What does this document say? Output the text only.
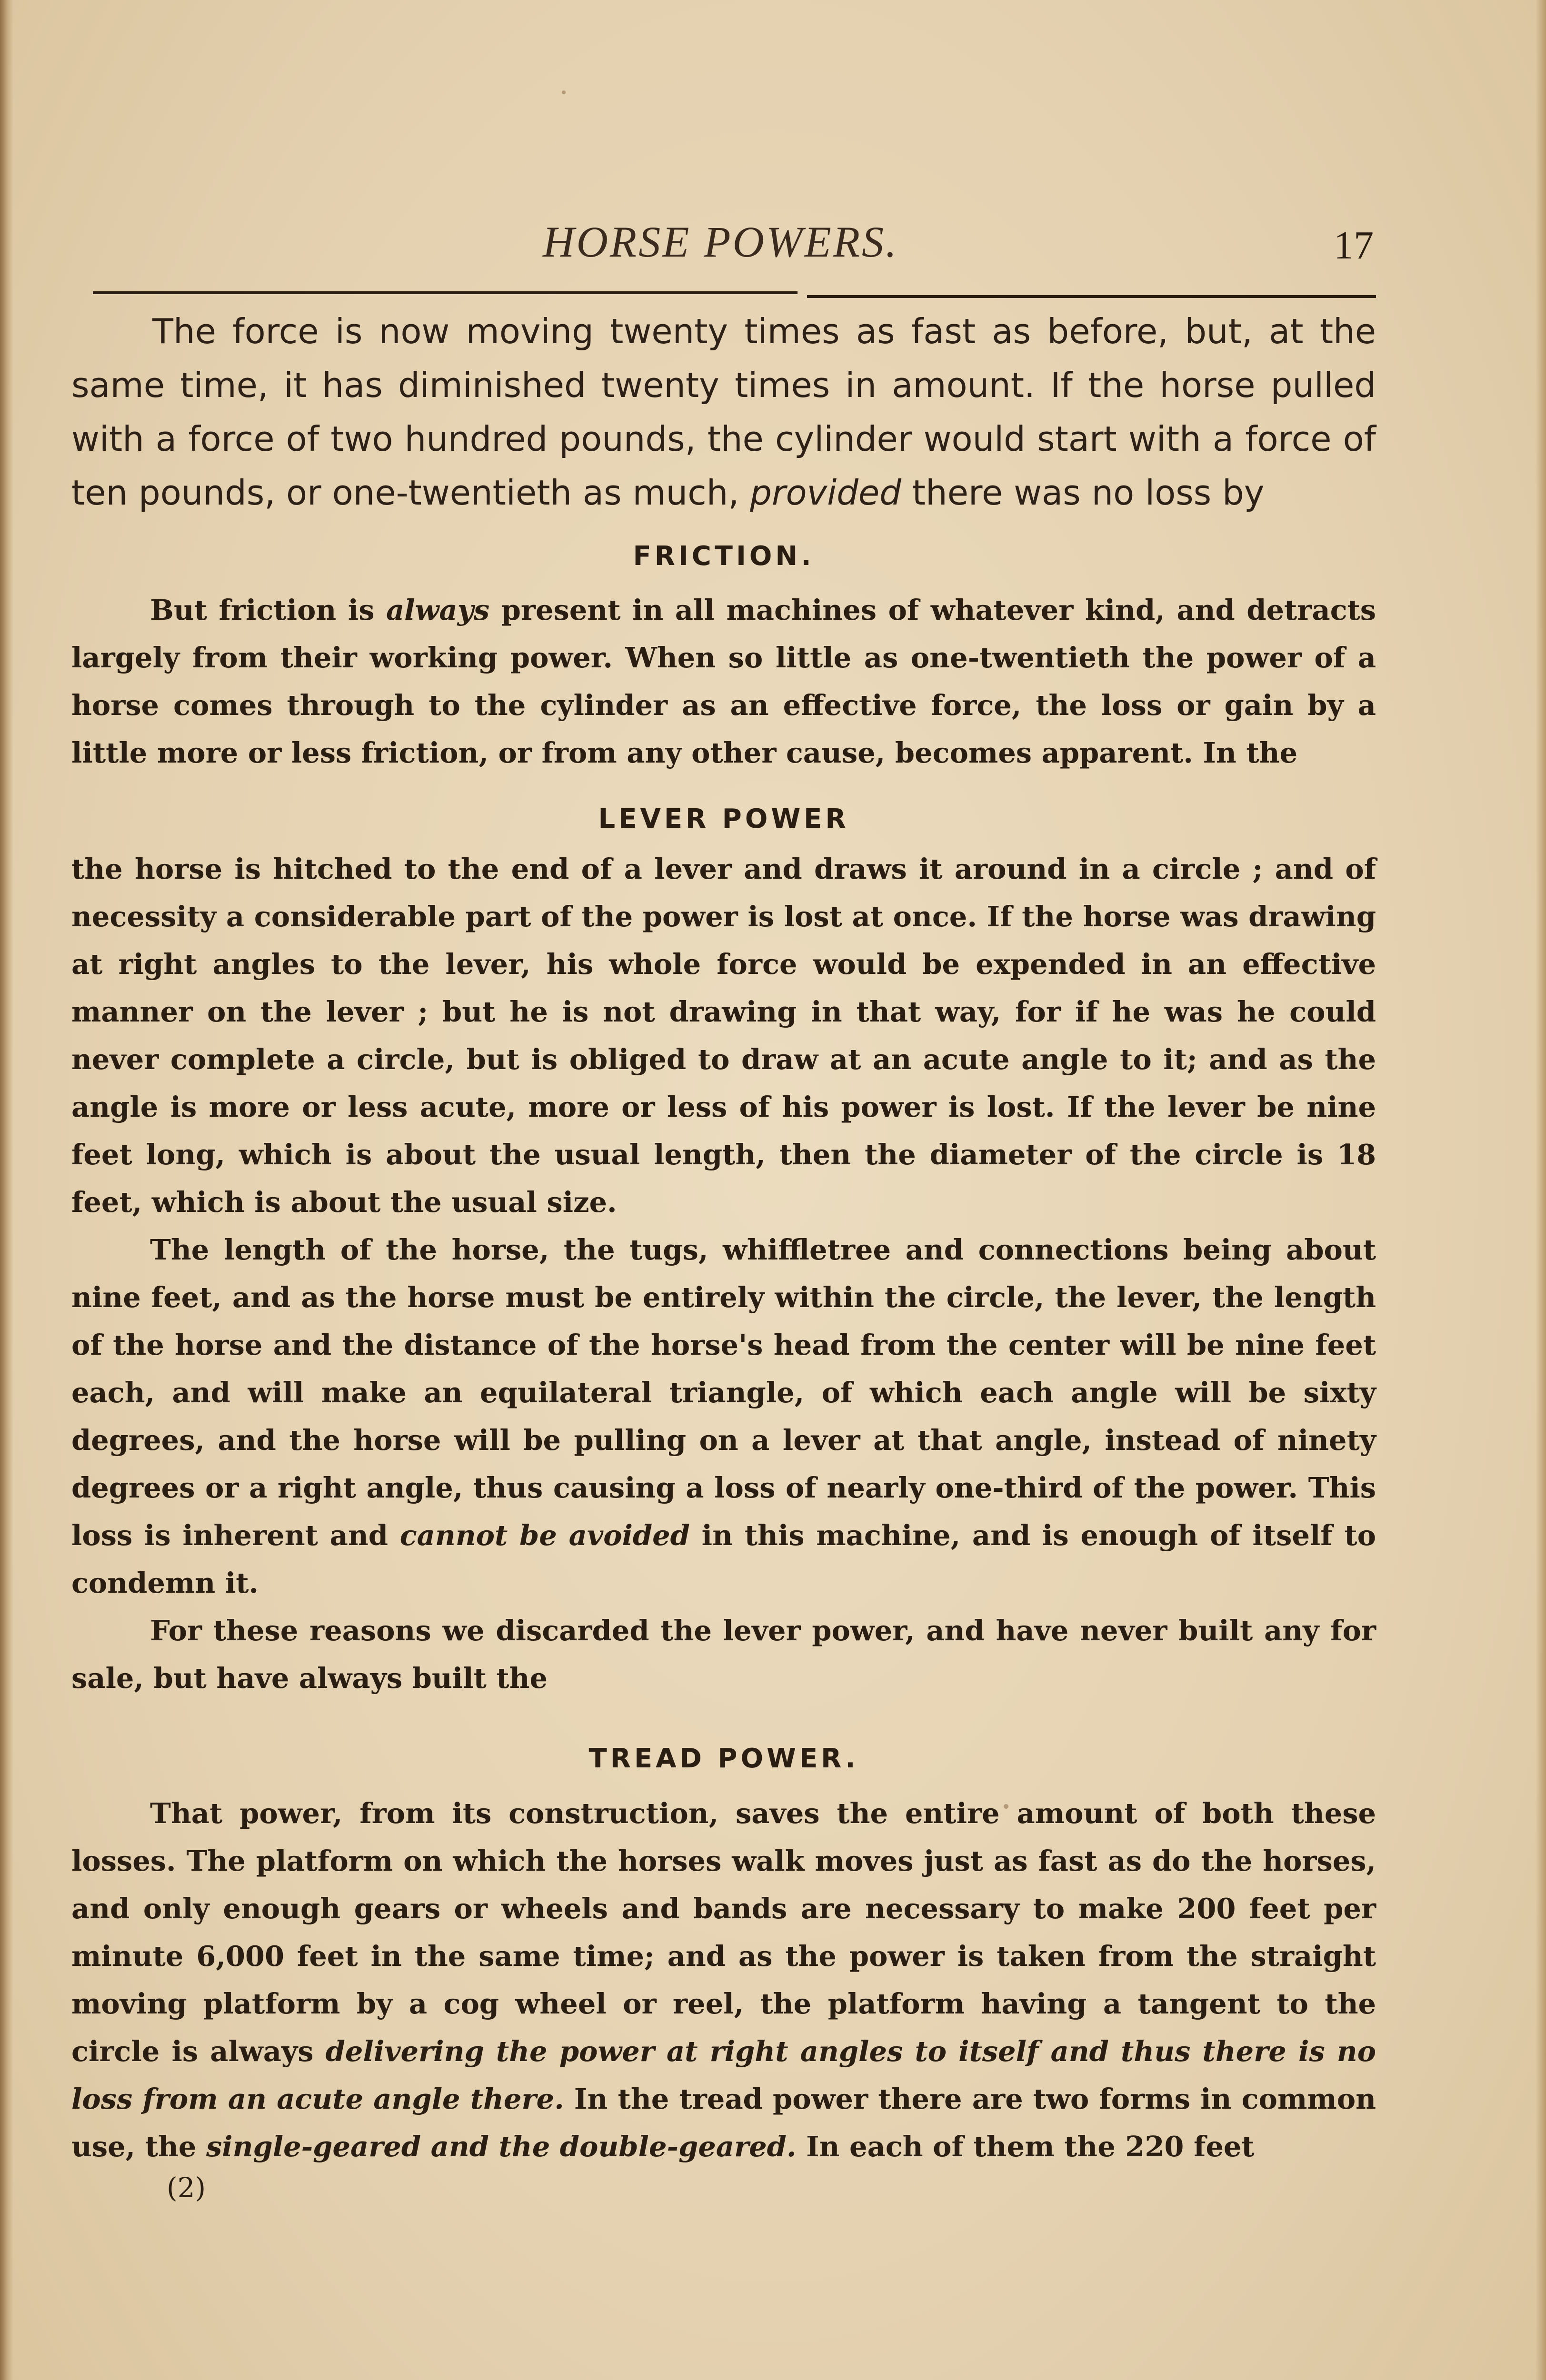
HORSE POWERS.	17

The force is now moving twenty times as fast as before, but, at the same time, it has diminished twenty times in amount. If the horse pulled with a force of two hundred pounds, the cylinder would start with a force of ten pounds, or one-twentieth as much, provided there was no loss by

FRICTION.

But friction is always present in all machines of whatever kind, and detracts largely from their working power. When so little as one-twentieth the power of a horse comes through to the cylinder as an effective force, the loss or gain by a little more or less friction, or from any other cause, becomes apparent. In the

LEVER POWER

the horse is hitched to the end of a lever and draws it around in a circle ; and of necessity a considerable part of the power is lost at once. If the horse was drawing at right angles to the lever, his whole force would be expended in an effective manner on the lever ; but he is not drawing in that way, for if he was he could never complete a circle, but is obliged to draw at an acute angle to it; and as the angle is more or less acute, more or less of his power is lost. If the lever be nine feet long, which is about the usual length, then the diameter of the circle is 18 feet, which is about the usual size.

The length of the horse, the tugs, whiffletree and connections being about nine feet, and as the horse must be entirely within the circle, the lever, the length of the horse and the distance of the horse's head from the center will be nine feet each, and will make an equilateral triangle, of which each angle will be sixty degrees, and the horse will be pulling on a lever at that angle, instead of ninety degrees or a right angle, thus causing a loss of nearly one-third of the power. This loss is inherent and cannot be avoided in this machine, and is enough of itself to condemn it.

For these reasons we discarded the lever power, and have never built any for sale, but have always built the

TREAD POWER.

That power, from its construction, saves the entire amount of both these losses. The platform on which the horses walk moves just as fast as do the horses, and only enough gears or wheels and bands are necessary to make 200 feet per minute 6,000 feet in the same time; and as the power is taken from the straight moving platform by a cog wheel or reel, the platform having a tangent to the circle is always delivering the power at right angles to itself and thus there is no loss from an acute angle there. In the tread power there are two forms in common use, the single-geared and the double-geared. In each of them the 220 feet

(2)
